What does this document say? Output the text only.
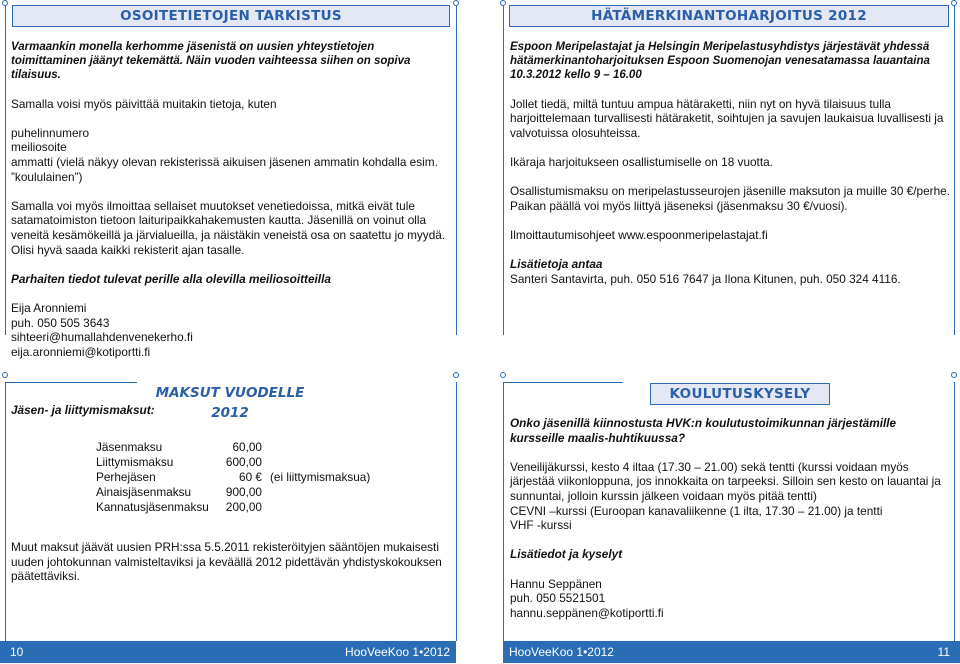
OSOITETIETOJEN TARKISTUS

Varmaankin monella kerhomme jäsenistä on uusien yhteystietojen toimittaminen jäänyt tekemättä. Näin vuoden vaihteessa siihen on sopiva tilaisuus.

Samalla voisi myös päivittää muitakin tietoja, kuten
puhelinnumero
meiliosoite

ammatti (vielä näkyy olevan rekisterissä aikuisen jäsenen ammatin kohdalla esim. ”koululainen”)

Samalla voi myös ilmoittaa sellaiset muutokset venetiedoissa, mitkä eivät tule satamatoimiston tietoon laituripaikkahakemusten kautta. Jäsenillä on voinut olla veneitä kesämökeillä ja järvialueilla, ja näistäkin veneistä osa on saatettu jo myydä. Olisi hyvä saada kaikki rekisterit ajan tasalle.

Parhaiten tiedot tulevat perille alla olevilla meiliosoitteilla

Eija Aronniemi
puh. 050 505 3643
sihteeri@humallahdenvenekerho.fi
eija.aronniemi@kotiportti.fi
HÄTÄMERKINANTOHARJOITUS 2012

Espoon Meripelastajat ja Helsingin Meripelastusyhdistys järjestävät yhdessä hätämerkinantoharjoituksen Espoon Suomenojan venesatamassa lauantaina 10.3.2012 kello 9 – 16.00

Jollet tiedä, miltä tuntuu ampua hätäraketti, niin nyt on hyvä tilaisuus tulla harjoittelemaan turvallisesti hätäraketit, soihtujen ja savujen laukaisua luvallisesti ja valvotuissa olosuhteissa.

Ikäraja harjoitukseen osallistumiselle on 18 vuotta.

Osallistumismaksu on meripelastusseurojen jäsenille maksuton ja muille 30 €/perhe. Paikan päällä voi myös liittyä jäseneksi (jäsenmaksu 30 €/vuosi).

Ilmoittautumisohjeet www.espoonmeripelastajat.fi

Lisätietoja antaa
Santeri Santavirta, puh. 050 516 7647 ja Ilona Kitunen, puh. 050 324 4116.
MAKSUT VUODELLE 2012
Jäsen- ja liittymismaksut:
Jäsenmaksu	60,00
Liittymismaksu	600,00
Perhejäsen	60 € (ei liittymismaksua)
Ainaisjäsenmaksu	900,00
Kannatusjäsenmaksu	200,00
Muut maksut jäävät uusien PRH:ssa 5.5.2011 rekisteröityjen sääntöjen mukaisesti uuden johtokunnan valmisteltaviksi ja keväällä 2012 pidettävän yhdistyskokouksen päätettäviksi.
KOULUTUSKYSELY

Onko jäsenillä kiinnostusta HVK:n koulutustoimikunnan järjestämille kursseille maalis-huhtikuussa?

Veneilijäkurssi, kesto 4 iltaa (17.30 – 21.00) sekä tentti (kurssi voidaan myös järjestää viikonloppuna, jos innokkaita on tarpeeksi. Silloin sen kesto on lauantai ja sunnuntai, jolloin kurssin jälkeen voidaan myös pitää tentti)
CEVNI –kurssi (Euroopan kanavaliikenne (1 ilta, 17.30 – 21.00) ja tentti

VHF -kurssi

Lisätiedot ja kyselyt

Hannu Seppänen
puh. 050 5521501
hannu.seppänen@kotiportti.fi
10	HooVeeKoo 1•2012	HooVeeKoo 1•2012	11
